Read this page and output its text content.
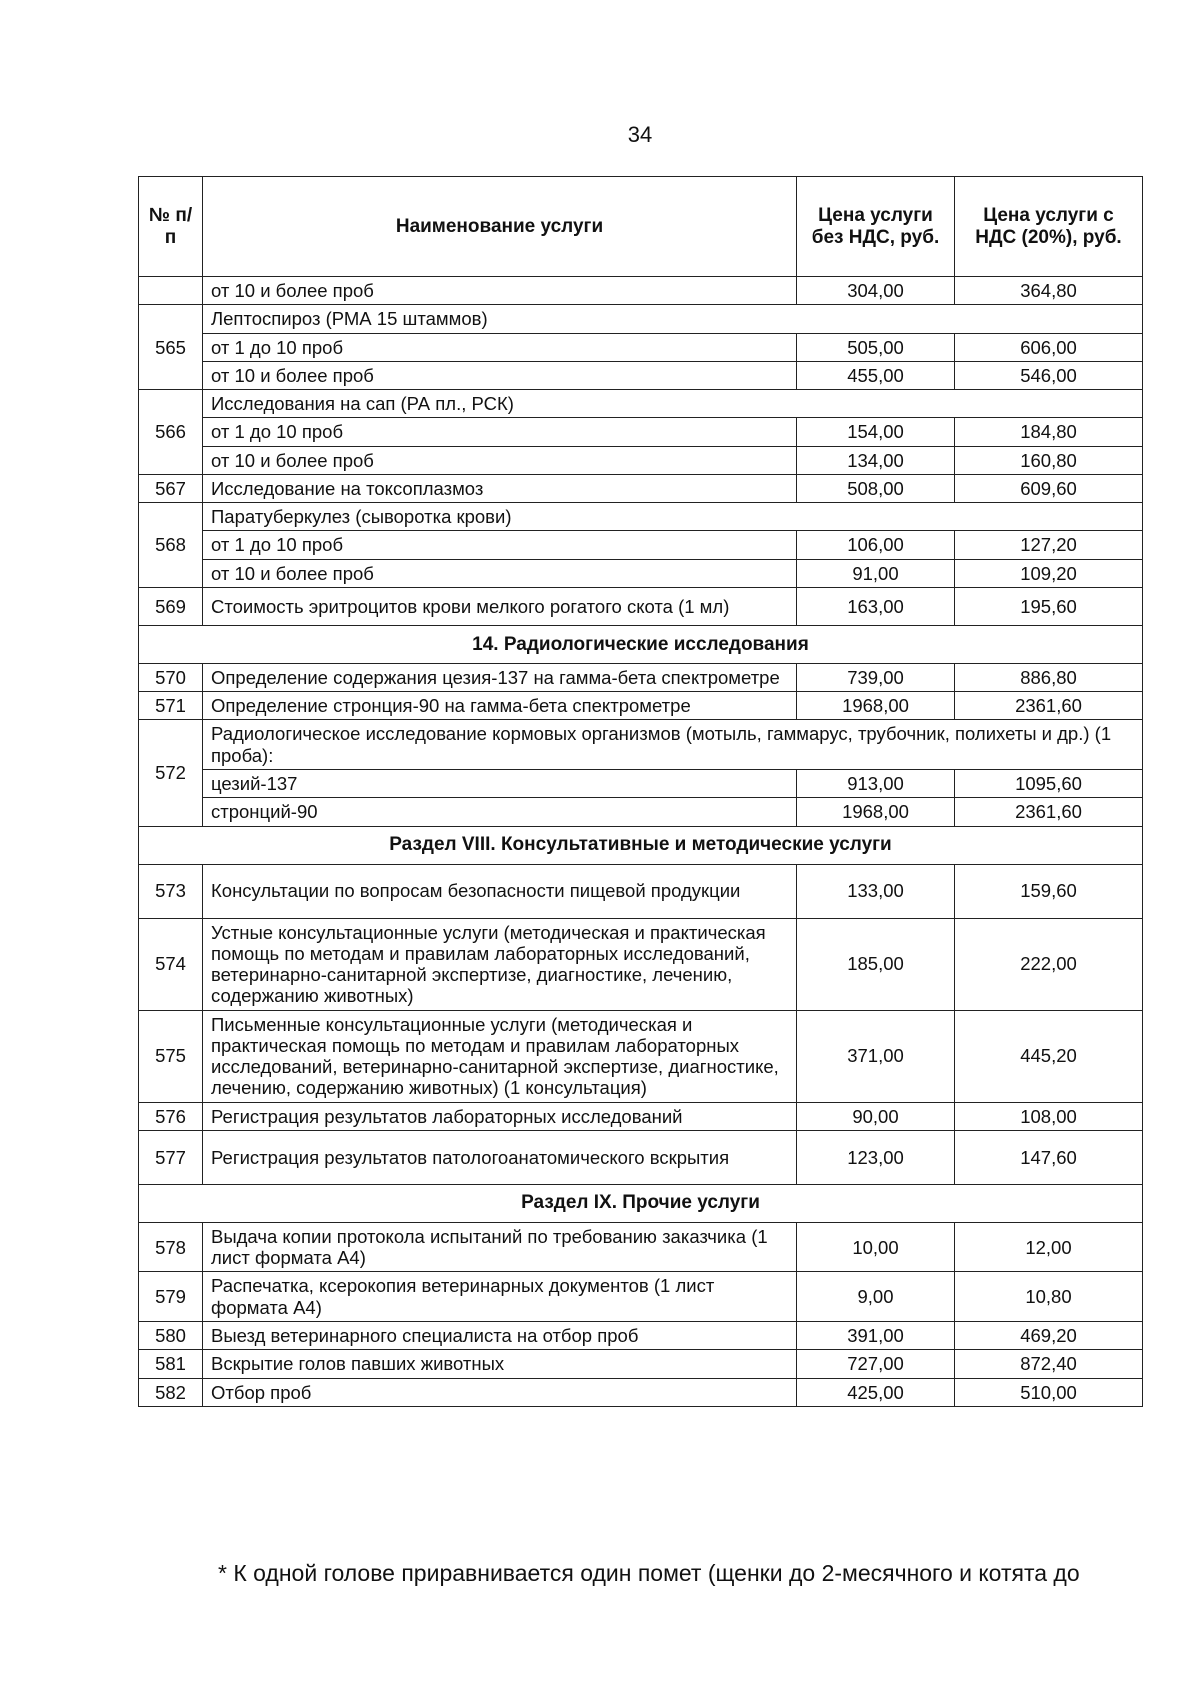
34
№ п/п	Наименование услуги	Цена услуги без НДС, руб.	Цена услуги с НДС (20%), руб.
	от 10 и более проб	304,00	364,80
565	Лептоспироз (РМА 15 штаммов)		
	от 1 до 10 проб	505,00	606,00
	от 10 и более проб	455,00	546,00
566	Исследования на сап (РА пл., РСК)		
	от 1 до 10 проб	154,00	184,80
	от 10 и более проб	134,00	160,80
567	Исследование на токсоплазмоз	508,00	609,60
568	Паратуберкулез (сыворотка крови)		
	от 1 до 10 проб	106,00	127,20
	от 10 и более проб	91,00	109,20
569	Стоимость эритроцитов крови мелкого рогатого скота (1 мл)	163,00	195,60
14. Радиологические исследования			
570	Определение содержания цезия-137 на гамма-бета спектрометре	739,00	886,80
571	Определение стронция-90 на гамма-бета спектрометре	1968,00	2361,60
572	Радиологическое исследование кормовых организмов (мотыль, гаммарус, трубочник, полихеты и др.) (1 проба):		
	цезий-137	913,00	1095,60
	стронций-90	1968,00	2361,60
Раздел VIII. Консультативные и методические услуги			
573	Консультации по вопросам безопасности пищевой продукции	133,00	159,60
574	Устные консультационные услуги (методическая и практическая помощь по методам и правилам лабораторных исследований, ветеринарно-санитарной экспертизе, диагностике, лечению, содержанию животных)	185,00	222,00
575	Письменные консультационные услуги (методическая и практическая помощь по методам и правилам лабораторных исследований, ветеринарно-санитарной экспертизе, диагностике, лечению, содержанию животных) (1 консультация)	371,00	445,20
576	Регистрация результатов лабораторных исследований	90,00	108,00
577	Регистрация результатов патологоанатомического вскрытия	123,00	147,60
Раздел IX. Прочие услуги			
578	Выдача копии протокола испытаний по требованию заказчика (1 лист формата А4)	10,00	12,00
579	Распечатка, ксерокопия ветеринарных документов (1 лист формата А4)	9,00	10,80
580	Выезд ветеринарного специалиста на отбор проб	391,00	469,20
581	Вскрытие голов павших животных	727,00	872,40
582	Отбор проб	425,00	510,00
* К одной голове приравнивается один помет (щенки до 2-месячного и котята до
